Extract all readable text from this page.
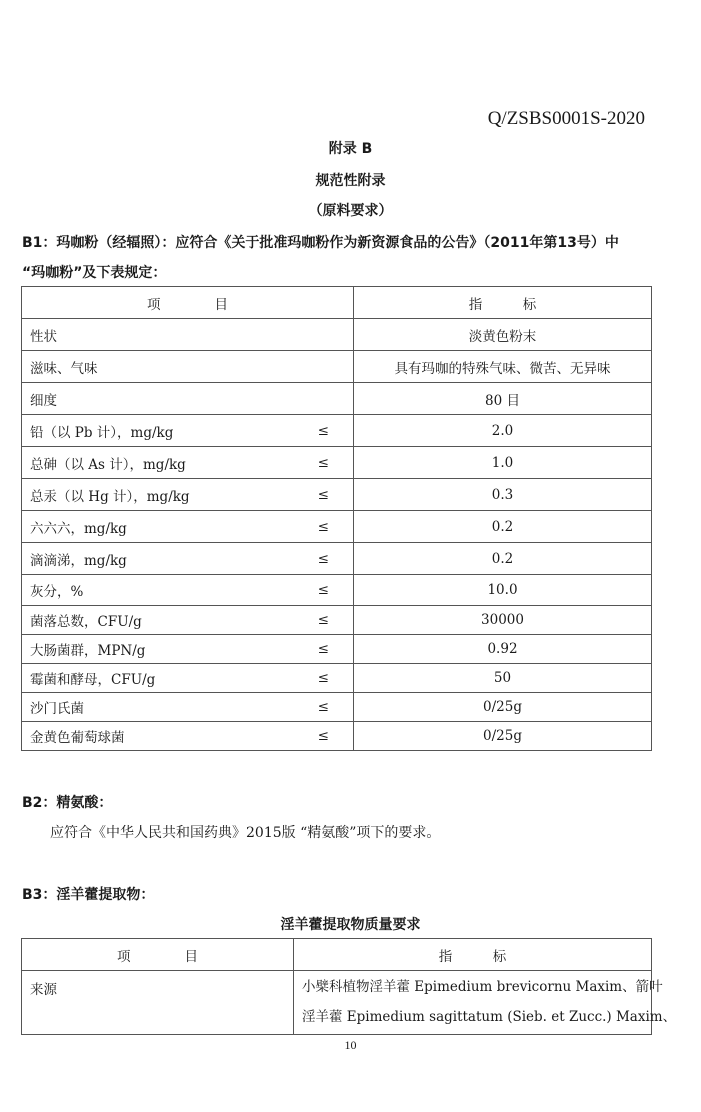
Q/ZSBS0001S-2020
附录 B
规范性附录
（原料要求）
B1：玛咖粉（经辐照）：应符合《关于批准玛咖粉作为新资源食品的公告》（2011年第13号）中
“玛咖粉”及下表规定：
项　　　　目		指　　　标
性状		淡黄色粉末
滋味、气味		具有玛咖的特殊气味、微苦、无异味
细度		80 目
铅（以 Pb 计），mg/kg	≤	2.0
总砷（以 As 计），mg/kg	≤	1.0
总汞（以 Hg 计），mg/kg	≤	0.3
六六六，mg/kg	≤	0.2
滴滴涕，mg/kg	≤	0.2
灰分，%	≤	10.0
菌落总数，CFU/g	≤	30000
大肠菌群，MPN/g	≤	0.92
霉菌和酵母，CFU/g	≤	50
沙门氏菌	≤	0/25g
金黄色葡萄球菌	≤	0/25g
B2：精氨酸：
应符合《中华人民共和国药典》2015版 “精氨酸”项下的要求。
B3：淫羊藿提取物：
淫羊藿提取物质量要求
项　　　　目	指　　　标
来源	小檗科植物淫羊藿 Epimedium brevicornu Maxim、箭叶
淫羊藿 Epimedium sagittatum (Sieb. et Zucc.) Maxim、
10
